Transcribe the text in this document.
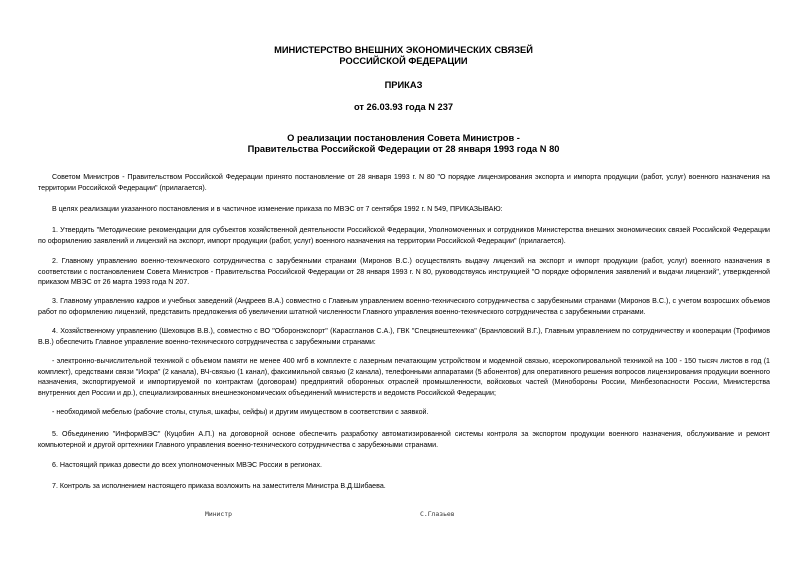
МИНИСТЕРСТВО ВНЕШНИХ ЭКОНОМИЧЕСКИХ СВЯЗЕЙ
РОССИЙСКОЙ ФЕДЕРАЦИИ
ПРИКАЗ
от 26.03.93 года N 237
О реализации постановления Совета Министров -
Правительства Российской Федерации от 28 января 1993 года N 80

Советом Министров - Правительством Российской Федерации принято постановление от 28 января 1993 г. N 80 "О порядке лицензирования экспорта и импорта продукции (работ, услуг) военного назначения на территории Российской Федерации" (прилагается).

В целях реализации указанного постановления и в частичное изменение приказа по МВЭС от 7 сентября 1992 г. N 549, ПРИКАЗЫВАЮ:

1. Утвердить "Методические рекомендации для субъектов хозяйственной деятельности Российской Федерации, Уполномоченных и сотрудников Министерства внешних экономических связей Российской Федерации по оформлению заявлений и лицензий на экспорт, импорт продукции (работ, услуг) военного назначения на территории Российской Федерации" (прилагается).

2. Главному управлению военно-технического сотрудничества с зарубежными странами (Миронов В.С.) осуществлять выдачу лицензий на экспорт и импорт продукции (работ, услуг) военного назначения в соответствии с постановлением Совета Министров - Правительства Российской Федерации от 28 января 1993 г. N 80, руководствуясь инструкцией "О порядке оформления заявлений и выдачи лицензий", утвержденной приказом МВЭС от 26 марта 1993 года N 207.

3. Главному управлению кадров и учебных заведений (Андреев В.А.) совместно с Главным управлением военно-технического сотрудничества с зарубежными странами (Миронов В.С.), с учетом возросших объемов работ по оформлению лицензий, представить предложения об увеличении штатной численности Главного управления военно-технического сотрудничества с зарубежными странами.

4. Хозяйственному управлению (Шеховцов В.В.), совместно с ВО "Оборонэкспорт" (Карасгланов С.А.), ГВК "Спецвнештехника" (Бранловский В.Г.), Главным управлением по сотрудничеству и кооперации (Трофимов В.В.) обеспечить Главное управление военно-технического сотрудничества с зарубежными странами:

- электронно-вычислительной техникой с объемом памяти не менее 400 мгб в комплекте с лазерным печатающим устройством и модемной связью, ксерокопировальной техникой на 100 - 150 тысяч листов в год (1 комплект), средствами связи "Искра" (2 канала), ВЧ-связью (1 канал), факсимильной связью (2 канала), телефонными аппаратами (5 абонентов) для оперативного решения вопросов лицензирования продукции военного назначения, экспортируемой и импортируемой по контрактам (договорам) предприятий оборонных отраслей промышленности, войсковых частей (Минобороны России, Минбезопасности России, Министерства внутренних дел России и др.), специализированных внешнеэкономических объединений министерств и ведомств Российской Федерации;

- необходимой мебелью (рабочие столы, стулья, шкафы, сейфы) и другим имуществом в соответствии с заявкой.

5. Объединению "ИнформВЭС" (Куцобин А.П.) на договорной основе обеспечить разработку автоматизированной системы контроля за экспортом продукции военного назначения, обслуживание и ремонт компьютерной и другой оргтехники Главного управления военно-технического сотрудничества с зарубежными странами.

6. Настоящий приказ довести до всех уполномоченных МВЭС России в регионах.

7. Контроль за исполнением настоящего приказа возложить на заместителя Министра В.Д.Шибаева.

Министр	С.Глазьев
